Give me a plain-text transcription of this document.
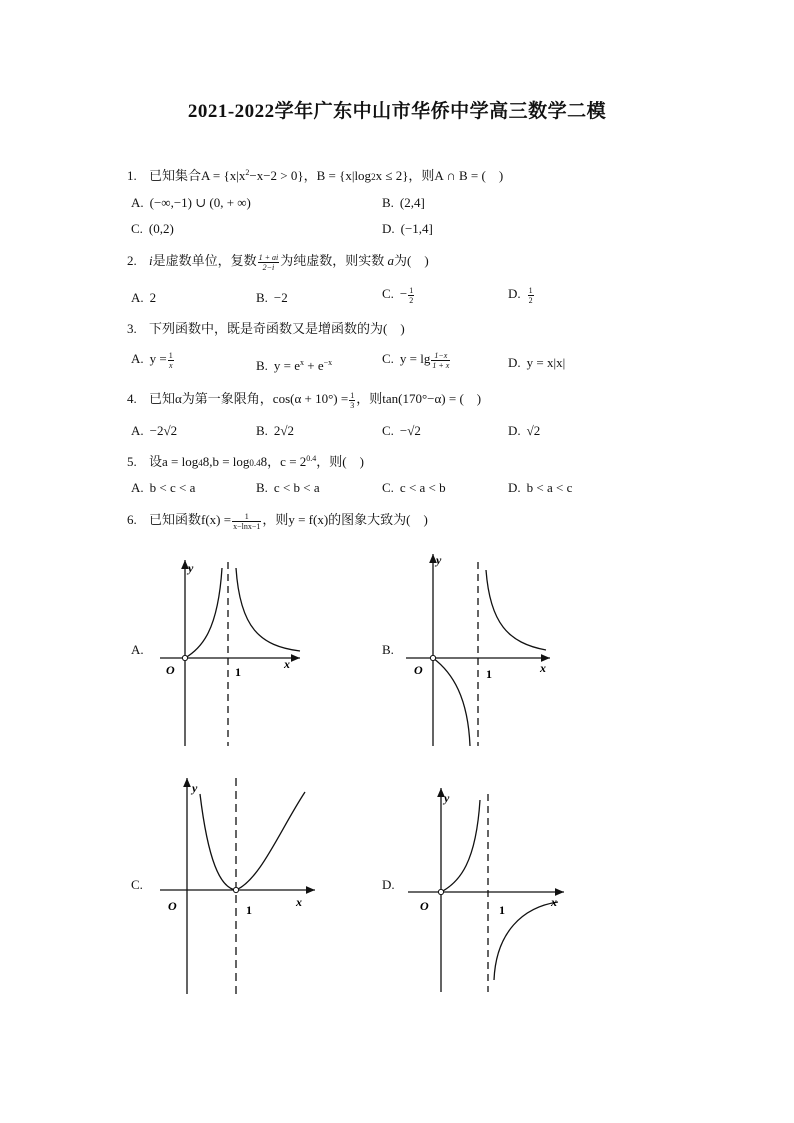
2021-2022学年广东中山市华侨中学高三数学二模
1. 已知集合$A = \{x|x^2-x-2 > 0\}$，B = {x|log2x ≤ 2}，则A ∩ B = (　)
A. (−∞,−1) ∪ (0, + ∞)	B. (2,4]
C. (0,2)	D. (−1,4]
2. i是虚数单位，复数 $\frac{1 + ai}{2-i}$ 为纯虚数，则实数 a为(　)
A. 2	B. −2	C. − $\frac{1}{2}$	D. $\frac{1}{2}$
3. 下列函数中，既是奇函数又是增函数的为(　)
A. $y = \frac{1}{x}$	B. $y = e^x + e^{-x}$	C. $y = \lg \frac{1-x}{1 + x}$	D. y = x|x|
4. 已知α为第一象限角，$\cos(\alpha + 10^\circ) = \frac{1}{3}$ ，则tan(170°−α) = (　)
A. −2√2	B. 2√2	C. −√2	D. √2
5. 设a = log48,b = log0.48，$c = 2^{0.4}$，则(　)
A. b < c < a	B. c < b < a	C. c < a < b	D. b < a < c
6. 已知函数$f(x) = \frac{1}{x-\ln x-1}$ ，则y = f(x)的图象大致为(　)
A.
y
O	1
x
B.
y
O	1	x
C.
y
O	1
x
D.
y
O	1
x
